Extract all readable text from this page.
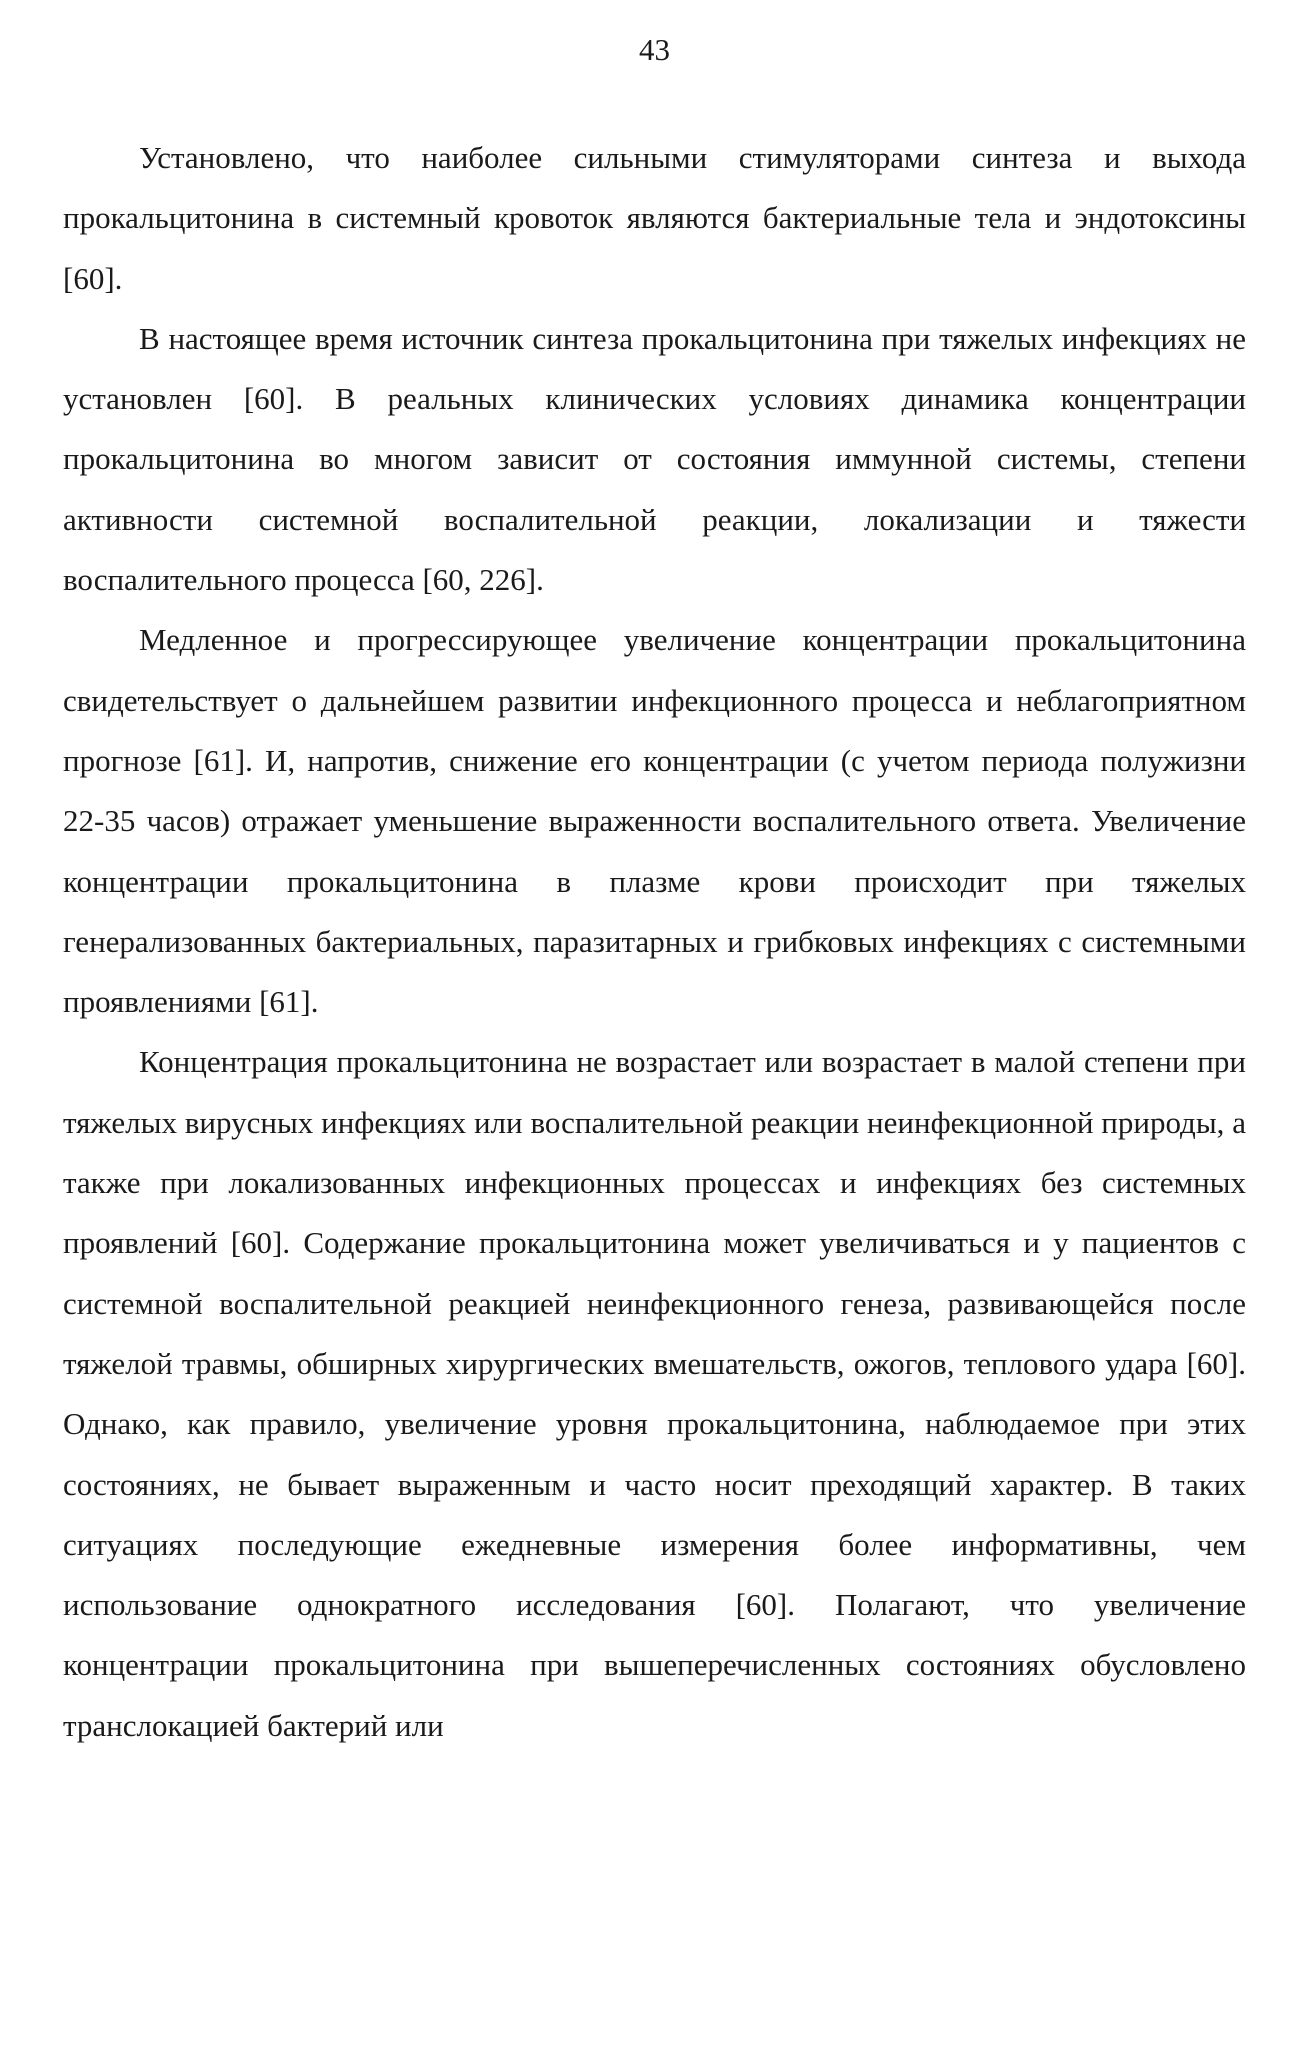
43

Установлено, что наиболее сильными стимуляторами синтеза и выхода прокальцитонина в системный кровоток являются бактериальные тела и эндотоксины [60].

В настоящее время источник синтеза прокальцитонина при тяжелых инфекциях не установлен [60]. В реальных клинических условиях динамика концентрации прокальцитонина во многом зависит от состояния иммунной системы, степени активности системной воспалительной реакции, локализации и тяжести воспалительного процесса [60, 226].

Медленное и прогрессирующее увеличение концентрации прокальцитонина свидетельствует о дальнейшем развитии инфекционного процесса и неблагоприятном прогнозе [61]. И, напротив, снижение его концентрации (с учетом периода полужизни 22-35 часов) отражает уменьшение выраженности воспалительного ответа. Увеличение концентрации прокальцитонина в плазме крови происходит при тяжелых генерализованных бактериальных, паразитарных и грибковых инфекциях с системными проявлениями [61].

Концентрация прокальцитонина не возрастает или возрастает в малой степени при тяжелых вирусных инфекциях или воспалительной реакции неинфекционной природы, а также при локализованных инфекционных процессах и инфекциях без системных проявлений [60]. Содержание прокальцитонина может увеличиваться и у пациентов с системной воспалительной реакцией неинфекционного генеза, развивающейся после тяжелой травмы, обширных хирургических вмешательств, ожогов, теплового удара [60]. Однако, как правило, увеличение уровня прокальцитонина, наблюдаемое при этих состояниях, не бывает выраженным и часто носит преходящий характер. В таких ситуациях последующие ежедневные измерения более информативны, чем использование однократного исследования [60]. Полагают, что увеличение концентрации прокальцитонина при вышеперечисленных состояниях обусловлено транслокацией бактерий или
